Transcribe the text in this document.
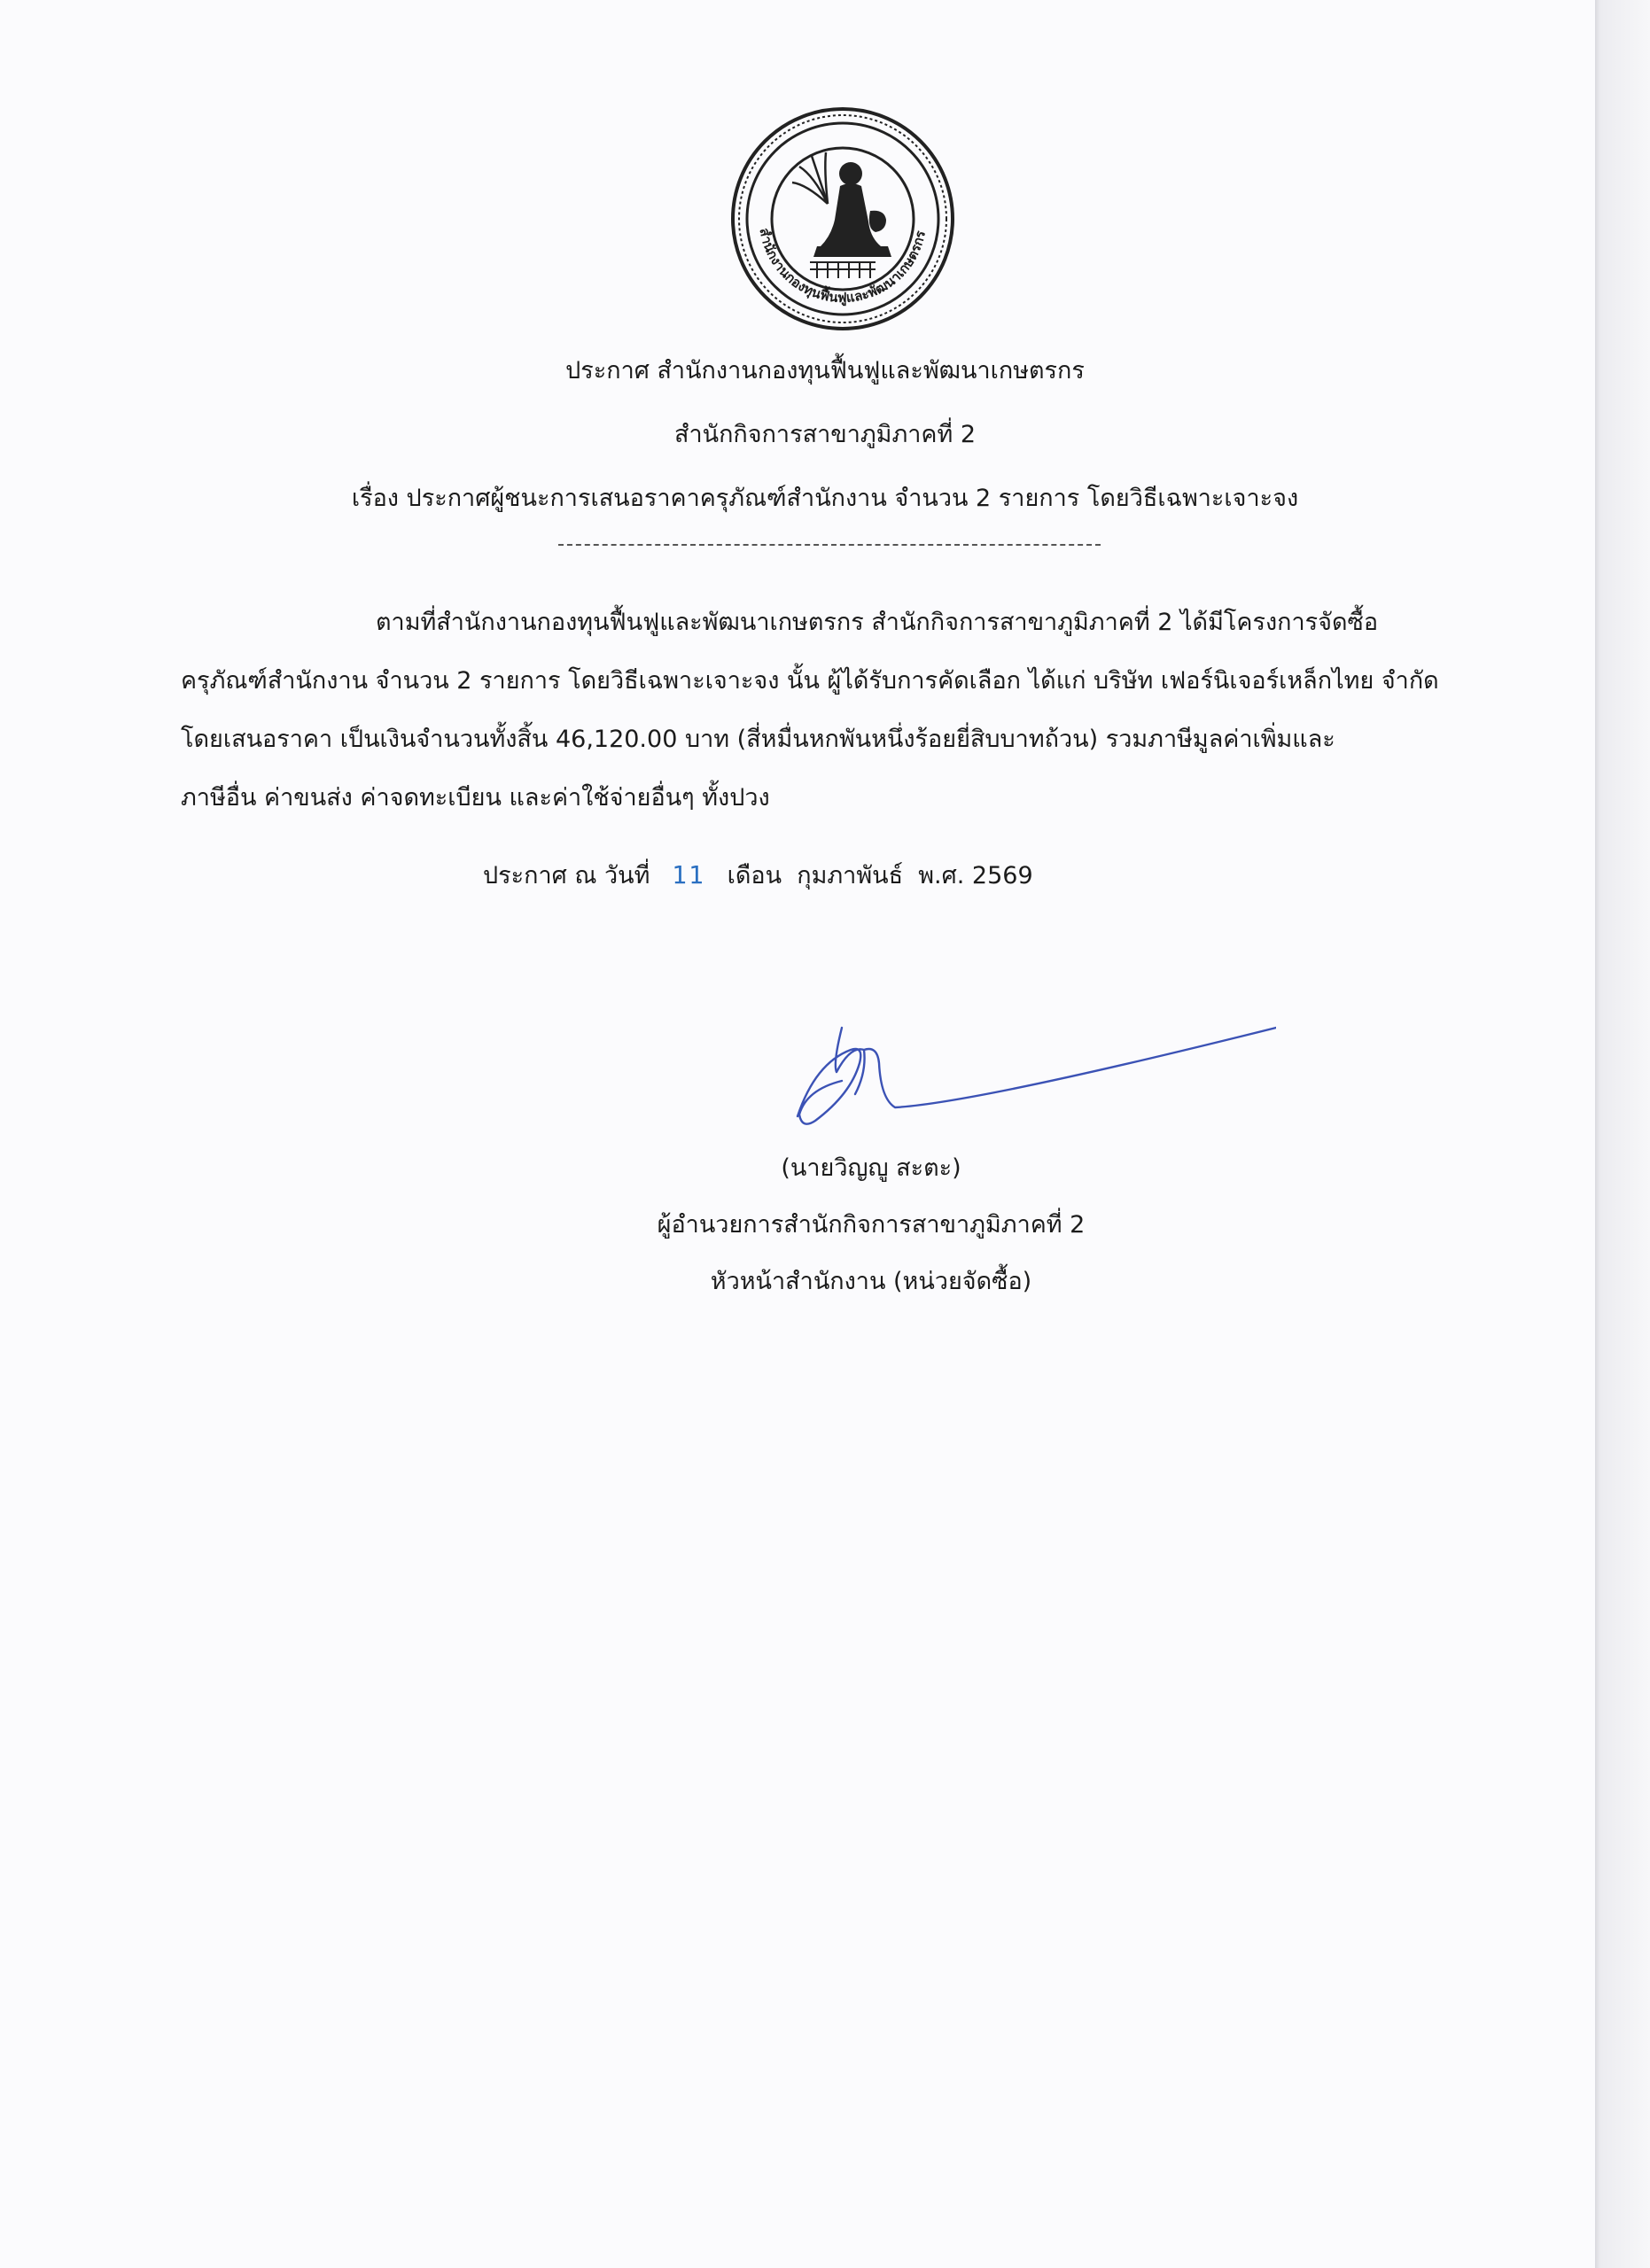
สำนักงานกองทุนฟื้นฟูและพัฒนาเกษตรกร
ประกาศ สำนักงานกองทุนฟื้นฟูและพัฒนาเกษตรกร
สำนักกิจการสาขาภูมิภาคที่ 2
เรื่อง ประกาศผู้ชนะการเสนอราคาครุภัณฑ์สำนักงาน จำนวน 2 รายการ โดยวิธีเฉพาะเจาะจง
ตามที่สำนักงานกองทุนฟื้นฟูและพัฒนาเกษตรกร สำนักกิจการสาขาภูมิภาคที่ 2 ได้มีโครงการจัดซื้อ
ครุภัณฑ์สำนักงาน จำนวน 2 รายการ โดยวิธีเฉพาะเจาะจง นั้น ผู้ได้รับการคัดเลือก ได้แก่ บริษัท เฟอร์นิเจอร์เหล็กไทย จำกัด
โดยเสนอราคา เป็นเงินจำนวนทั้งสิ้น 46,120.00 บาท (สี่หมื่นหกพันหนึ่งร้อยยี่สิบบาทถ้วน) รวมภาษีมูลค่าเพิ่มและ
ภาษีอื่น ค่าขนส่ง ค่าจดทะเบียน และค่าใช้จ่ายอื่นๆ ทั้งปวง
ประกาศ ณ วันที่ 11 เดือน กุมภาพันธ์ พ.ศ. 2569
(นายวิญญู สะตะ)
ผู้อำนวยการสำนักกิจการสาขาภูมิภาคที่ 2
หัวหน้าสำนักงาน (หน่วยจัดซื้อ)
